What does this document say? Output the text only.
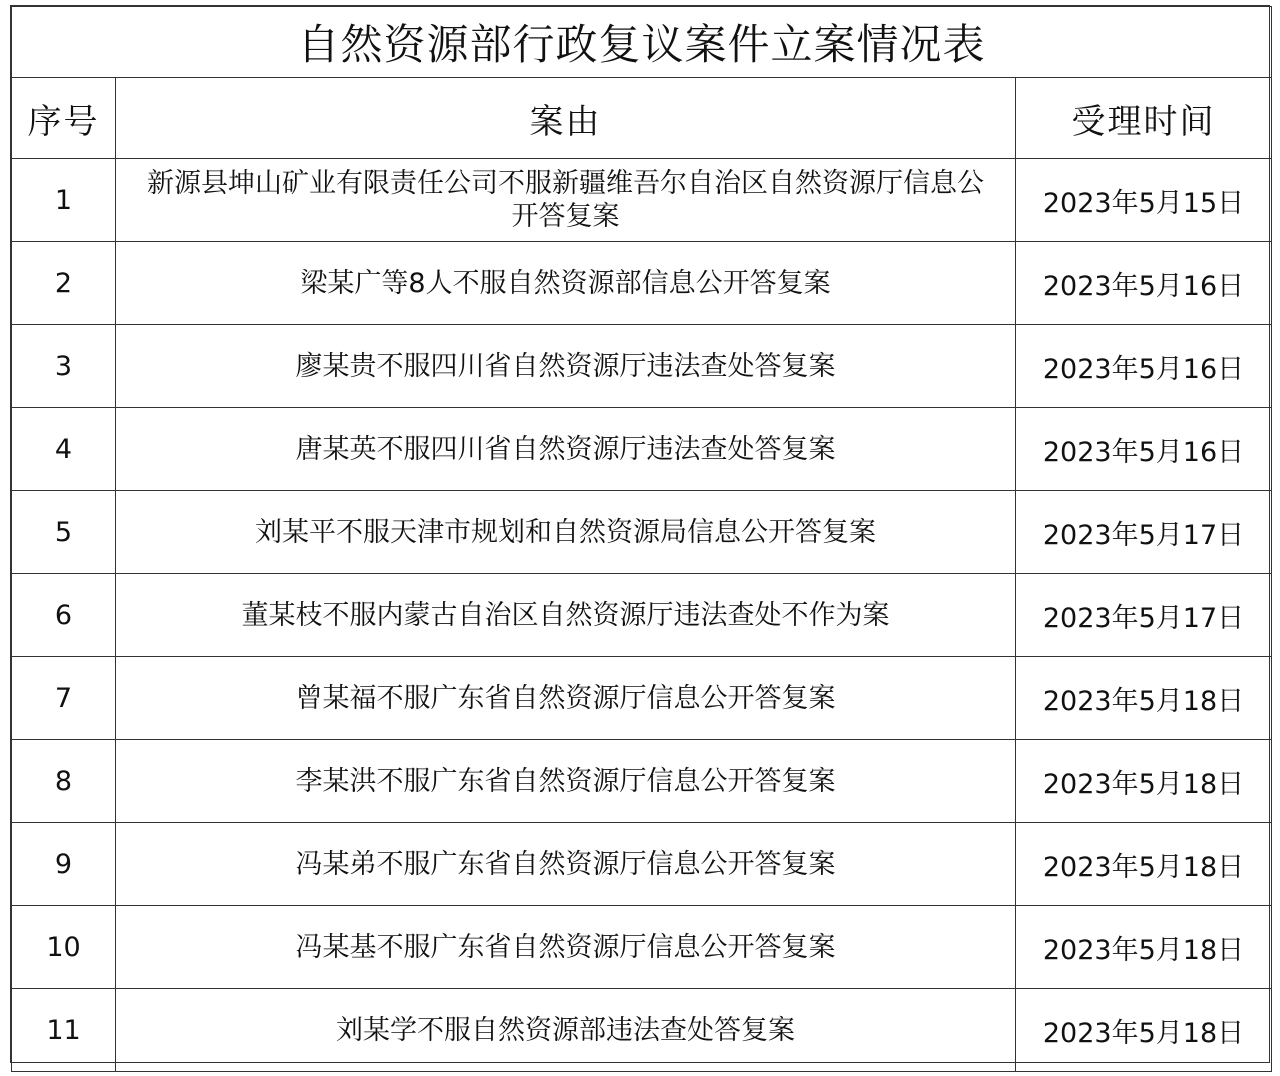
自然资源部行政复议案件立案情况表		
序号	案由	受理时间
1	新源县坤山矿业有限责任公司不服新疆维吾尔自治区自然资源厅信息公开答复案	2023年5月15日
2	梁某广等8人不服自然资源部信息公开答复案	2023年5月16日
3	廖某贵不服四川省自然资源厅违法查处答复案	2023年5月16日
4	唐某英不服四川省自然资源厅违法查处答复案	2023年5月16日
5	刘某平不服天津市规划和自然资源局信息公开答复案	2023年5月17日
6	董某枝不服内蒙古自治区自然资源厅违法查处不作为案	2023年5月17日
7	曾某福不服广东省自然资源厅信息公开答复案	2023年5月18日
8	李某洪不服广东省自然资源厅信息公开答复案	2023年5月18日
9	冯某弟不服广东省自然资源厅信息公开答复案	2023年5月18日
10	冯某基不服广东省自然资源厅信息公开答复案	2023年5月18日
11	刘某学不服自然资源部违法查处答复案	2023年5月18日
